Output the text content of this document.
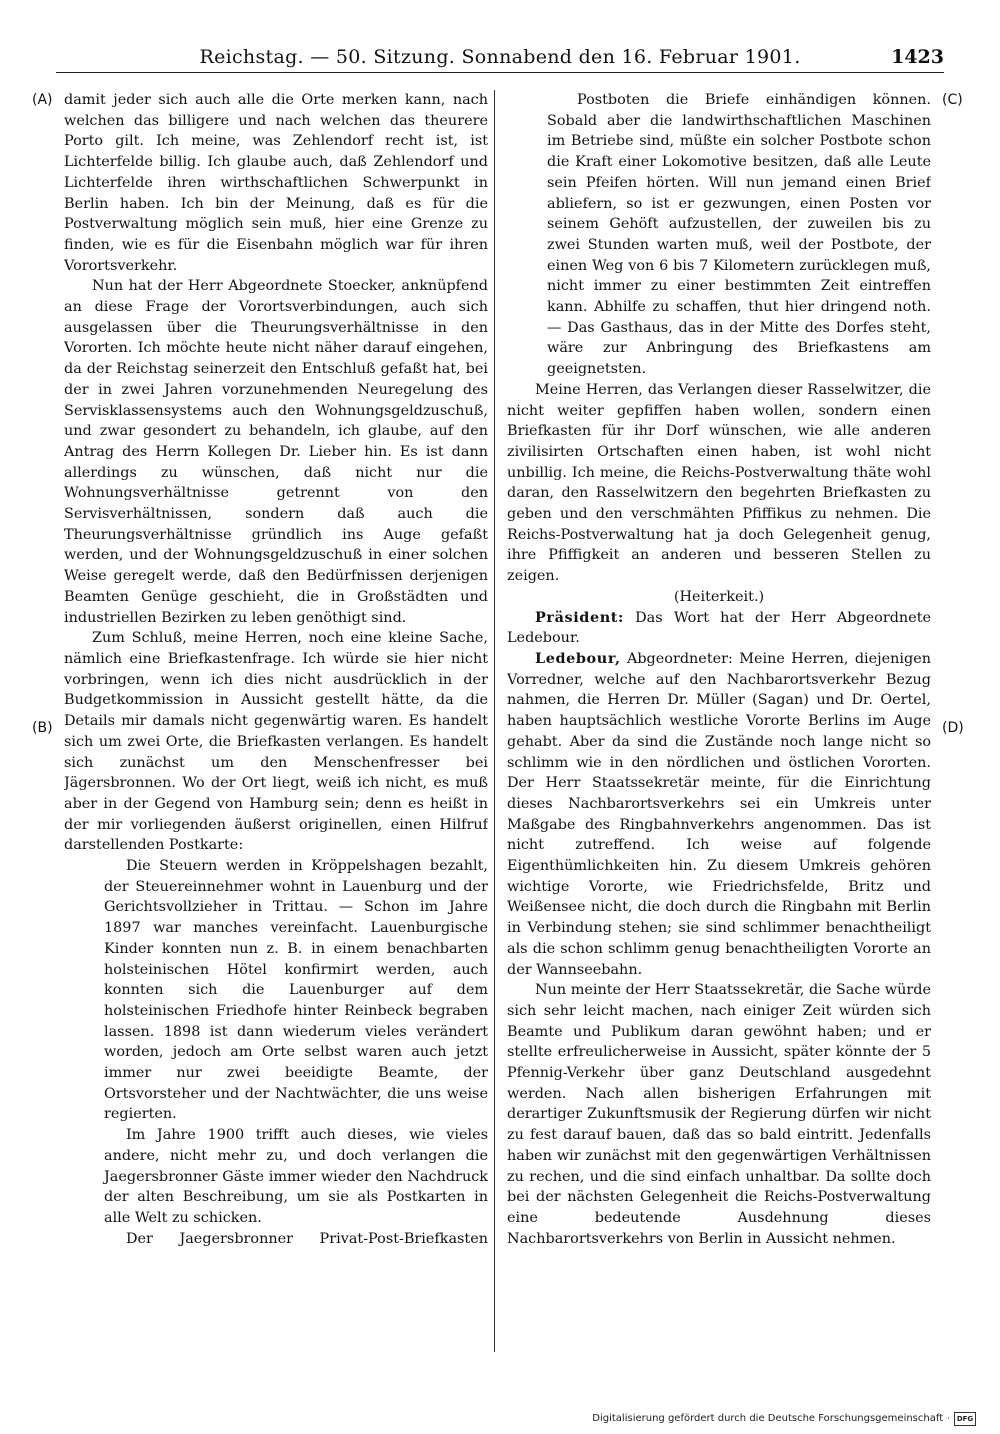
Reichstag. — 50. Sitzung. Sonnabend den 16. Februar 1901.	1423
(A)
(B)
(C)
(D)

damit jeder sich auch alle die Orte merken kann, nach welchen das billigere und nach welchen das theurere Porto gilt. Ich meine, was Zehlendorf recht ist, ist Lichterfelde billig. Ich glaube auch, daß Zehlendorf und Lichterfelde ihren wirthschaftlichen Schwerpunkt in Berlin haben. Ich bin der Meinung, daß es für die Postverwaltung möglich sein muß, hier eine Grenze zu finden, wie es für die Eisenbahn möglich war für ihren Vorortsverkehr.

Nun hat der Herr Abgeordnete Stoecker, anknüpfend an diese Frage der Vorortsverbindungen, auch sich ausgelassen über die Theurungsverhältnisse in den Vororten. Ich möchte heute nicht näher darauf eingehen, da der Reichstag seinerzeit den Entschluß gefaßt hat, bei der in zwei Jahren vorzunehmenden Neuregelung des Servisklassensystems auch den Wohnungsgeldzuschuß, und zwar gesondert zu behandeln, ich glaube, auf den Antrag des Herrn Kollegen Dr. Lieber hin. Es ist dann allerdings zu wünschen, daß nicht nur die Wohnungsverhältnisse getrennt von den Servisverhältnissen, sondern daß auch die Theurungsverhältnisse gründlich ins Auge gefaßt werden, und der Wohnungsgeldzuschuß in einer solchen Weise geregelt werde, daß den Bedürfnissen derjenigen Beamten Genüge geschieht, die in Großstädten und industriellen Bezirken zu leben genöthigt sind.

Zum Schluß, meine Herren, noch eine kleine Sache, nämlich eine Briefkastenfrage. Ich würde sie hier nicht vorbringen, wenn ich dies nicht ausdrücklich in der Budgetkommission in Aussicht gestellt hätte, da die Details mir damals nicht gegenwärtig waren. Es handelt sich um zwei Orte, die Briefkasten verlangen. Es handelt sich zunächst um den Menschenfresser bei Jägersbronnen. Wo der Ort liegt, weiß ich nicht, es muß aber in der Gegend von Hamburg sein; denn es heißt in der mir vorliegenden äußerst originellen, einen Hilfruf darstellenden Postkarte:

Die Steuern werden in Kröppelshagen bezahlt, der Steuereinnehmer wohnt in Lauenburg und der Gerichtsvollzieher in Trittau. — Schon im Jahre 1897 war manches vereinfacht. Lauenburgische Kinder konnten nun z. B. in einem benachbarten holsteinischen Hötel konfirmirt werden, auch konnten sich die Lauenburger auf dem holsteinischen Friedhofe hinter Reinbeck begraben lassen. 1898 ist dann wiederum vieles verändert worden, jedoch am Orte selbst waren auch jetzt immer nur zwei beeidigte Beamte, der Ortsvorsteher und der Nachtwächter, die uns weise regierten.

Im Jahre 1900 trifft auch dieses, wie vieles andere, nicht mehr zu, und doch verlangen die Jaegersbronner Gäste immer wieder den Nachdruck der alten Beschreibung, um sie als Postkarten in alle Welt zu schicken.

Der Jaegersbronner Privat-Post-Briefkasten

Postboten die Briefe einhändigen können. Sobald aber die landwirthschaftlichen Maschinen im Betriebe sind, müßte ein solcher Postbote schon die Kraft einer Lokomotive besitzen, daß alle Leute sein Pfeifen hörten. Will nun jemand einen Brief abliefern, so ist er gezwungen, einen Posten vor seinem Gehöft aufzustellen, der zuweilen bis zu zwei Stunden warten muß, weil der Postbote, der einen Weg von 6 bis 7 Kilometern zurücklegen muß, nicht immer zu einer bestimmten Zeit eintreffen kann. Abhilfe zu schaffen, thut hier dringend noth. — Das Gasthaus, das in der Mitte des Dorfes steht, wäre zur Anbringung des Briefkastens am geeignetsten.

Meine Herren, das Verlangen dieser Rasselwitzer, die nicht weiter gepfiffen haben wollen, sondern einen Briefkasten für ihr Dorf wünschen, wie alle anderen zivilisirten Ortschaften einen haben, ist wohl nicht unbillig. Ich meine, die Reichs-Postverwaltung thäte wohl daran, den Rasselwitzern den begehrten Briefkasten zu geben und den verschmähten Pfiffikus zu nehmen. Die Reichs-Postverwaltung hat ja doch Gelegenheit genug, ihre Pfiffigkeit an anderen und besseren Stellen zu zeigen.

(Heiterkeit.)

Präsident: Das Wort hat der Herr Abgeordnete Ledebour.

Ledebour, Abgeordneter: Meine Herren, diejenigen Vorredner, welche auf den Nachbarortsverkehr Bezug nahmen, die Herren Dr. Müller (Sagan) und Dr. Oertel, haben hauptsächlich westliche Vororte Berlins im Auge gehabt. Aber da sind die Zustände noch lange nicht so schlimm wie in den nördlichen und östlichen Vororten. Der Herr Staatssekretär meinte, für die Einrichtung dieses Nachbarortsverkehrs sei ein Umkreis unter Maßgabe des Ringbahnverkehrs angenommen. Das ist nicht zutreffend. Ich weise auf folgende Eigenthümlichkeiten hin. Zu diesem Umkreis gehören wichtige Vororte, wie Friedrichsfelde, Britz und Weißensee nicht, die doch durch die Ringbahn mit Berlin in Verbindung stehen; sie sind schlimmer benachtheiligt als die schon schlimm genug benachtheiligten Vororte an der Wannseebahn.

Nun meinte der Herr Staatssekretär, die Sache würde sich sehr leicht machen, nach einiger Zeit würden sich Beamte und Publikum daran gewöhnt haben; und er stellte erfreulicherweise in Aussicht, später könnte der 5 Pfennig-Verkehr über ganz Deutschland ausgedehnt werden. Nach allen bisherigen Erfahrungen mit derartiger Zukunftsmusik der Regierung dürfen wir nicht zu fest darauf bauen, daß das so bald eintritt. Jedenfalls haben wir zunächst mit den gegenwärtigen Verhältnissen zu rechen, und die sind einfach unhaltbar. Da sollte doch bei der nächsten Gelegenheit die Reichs-Postverwaltung eine bedeutende Ausdehnung dieses Nachbarortsverkehrs von Berlin in Aussicht nehmen.

Digitalisierung gefördert durch die Deutsche Forschungsgemeinschaft · DFG
